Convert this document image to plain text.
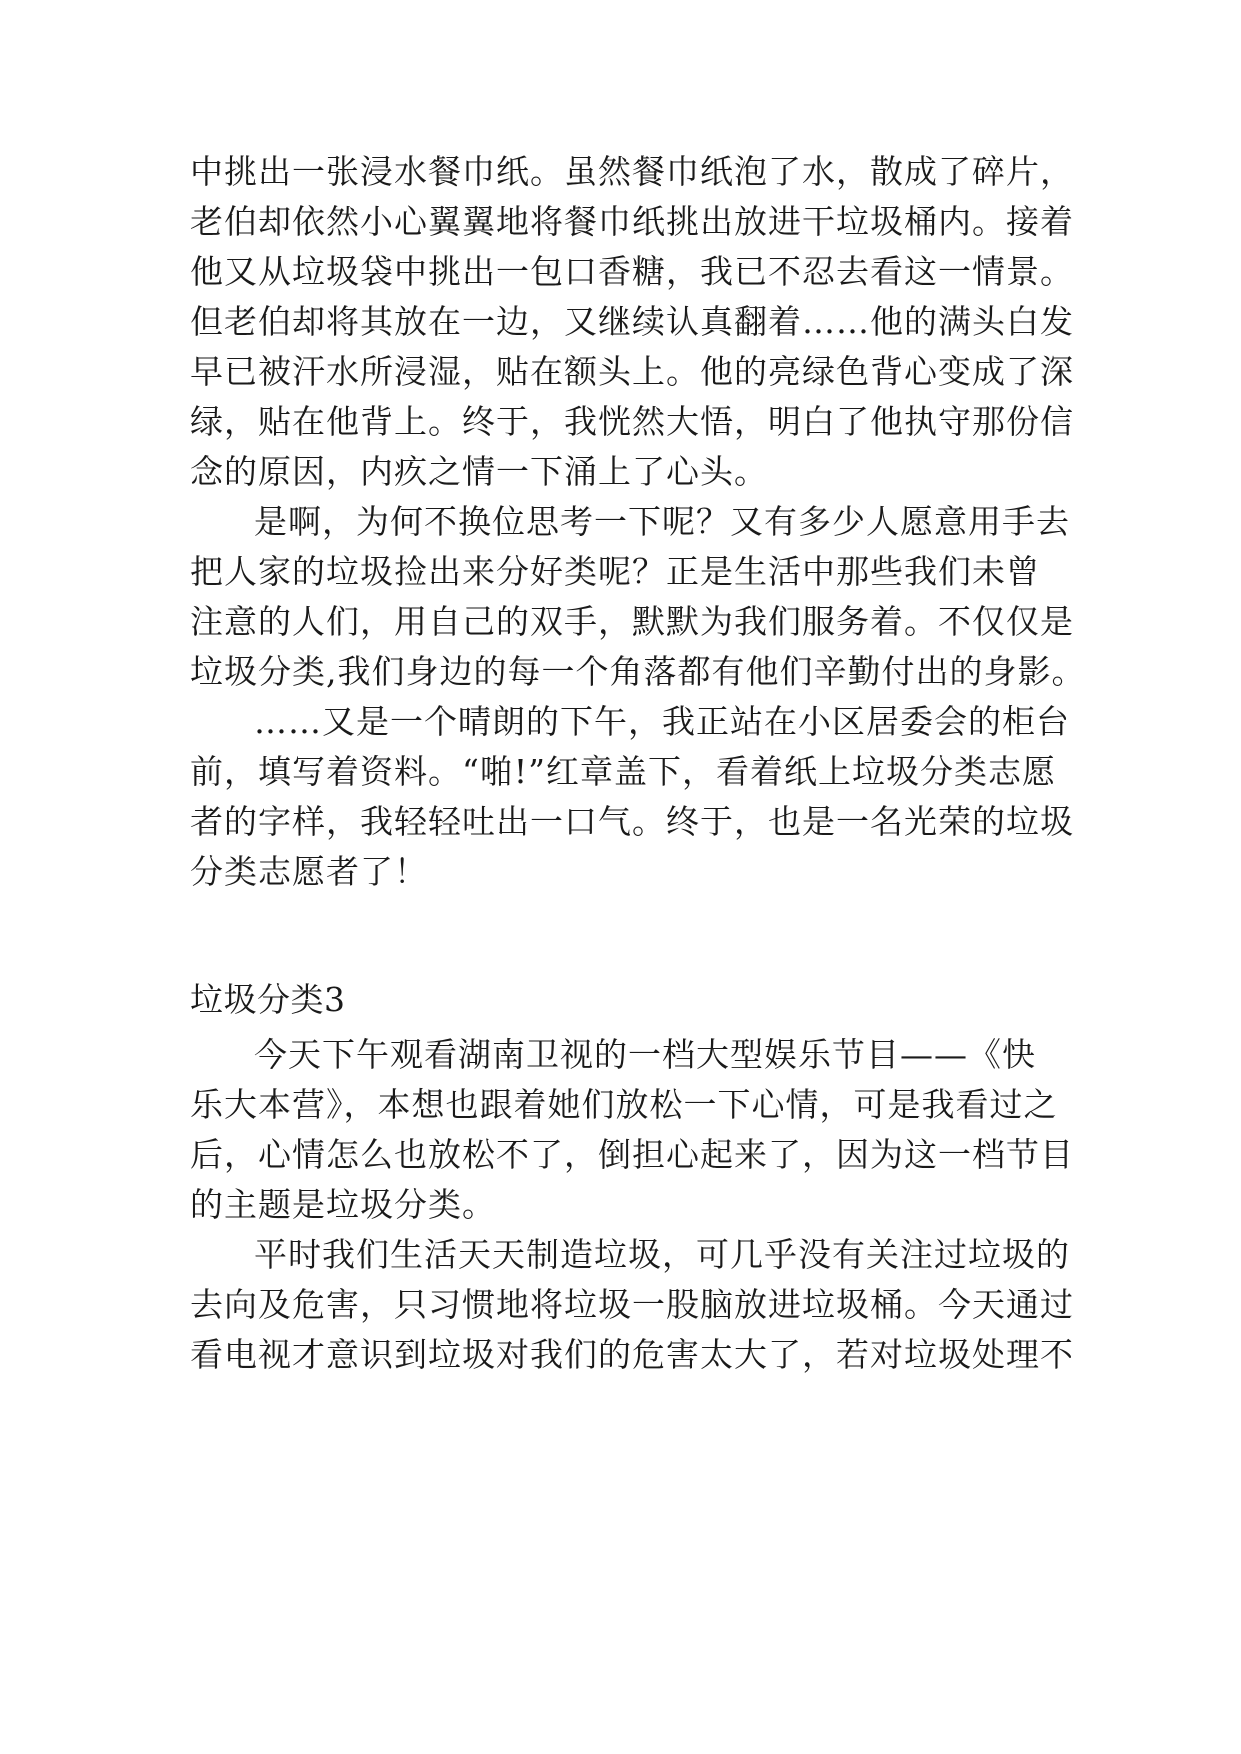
中挑出一张浸水餐巾纸。虽然餐巾纸泡了水，散成了碎片，
老伯却依然小心翼翼地将餐巾纸挑出放进干垃圾桶内。接着
他又从垃圾袋中挑出一包口香糖，我已不忍去看这一情景。
但老伯却将其放在一边，又继续认真翻着……他的满头白发
早已被汗水所浸湿，贴在额头上。他的亮绿色背心变成了深
绿，贴在他背上。终于，我恍然大悟，明白了他执守那份信
念的原因，内疚之情一下涌上了心头。
是啊，为何不换位思考一下呢？又有多少人愿意用手去
把人家的垃圾捡出来分好类呢？正是生活中那些我们未曾
注意的人们，用自己的双手，默默为我们服务着。不仅仅是
垃圾分类,我们身边的每一个角落都有他们辛勤付出的身影。
……又是一个晴朗的下午，我正站在小区居委会的柜台
前，填写着资料。“啪!”红章盖下，看着纸上垃圾分类志愿
者的字样，我轻轻吐出一口气。终于，也是一名光荣的垃圾
分类志愿者了！
垃圾分类3
今天下午观看湖南卫视的一档大型娱乐节目——《快
乐大本营》，本想也跟着她们放松一下心情，可是我看过之
后，心情怎么也放松不了，倒担心起来了，因为这一档节目
的主题是垃圾分类。
平时我们生活天天制造垃圾，可几乎没有关注过垃圾的
去向及危害，只习惯地将垃圾一股脑放进垃圾桶。今天通过
看电视才意识到垃圾对我们的危害太大了，若对垃圾处理不
